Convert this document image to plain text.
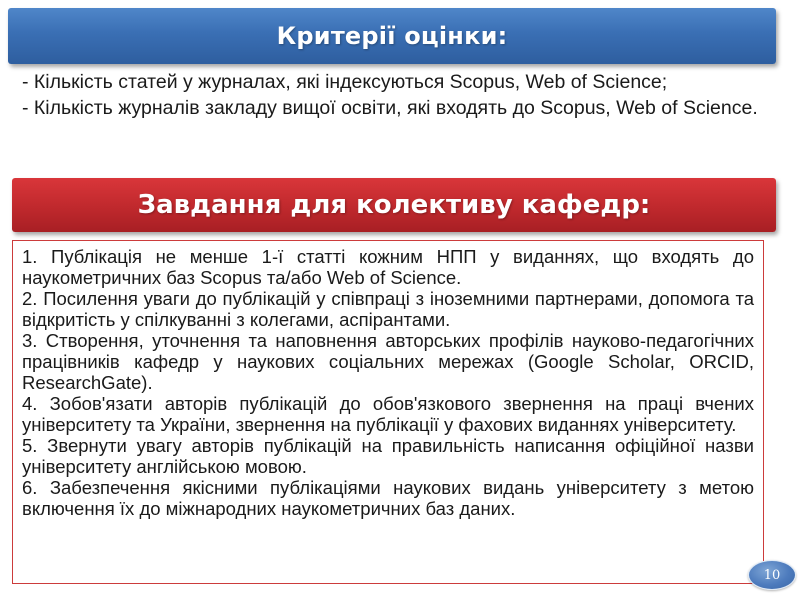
Критерії оцінки:

- Кількість статей у журналах, які індексуються Scopus, Web of Science;

- Кількість журналів закладу вищої освіти, які входять до Scopus, Web of Science.

Завдання для колективу кафедр:

1. Публікація не менше 1-ї статті кожним НПП у виданнях, що входять до наукометричних баз Scopus та/або Web of Science.

2. Посилення уваги до публікацій у співпраці з іноземними партнерами, допомога та відкритість у спілкуванні з колегами, аспірантами.

3. Створення, уточнення та наповнення авторських профілів науково-педагогічних працівників кафедр у наукових соціальних мережах (Google Scholar, ORCID, ResearchGate).

4. Зобов'язати авторів публікацій до обов'язкового звернення на праці вчених університету та України, звернення на публікації у фахових виданнях університету.

5. Звернути увагу авторів публікацій на правильність написання офіційної назви університету англійською мовою.

6. Забезпечення якісними публікаціями наукових видань університету з метою включення їх до міжнародних наукометричних баз даних.

10
